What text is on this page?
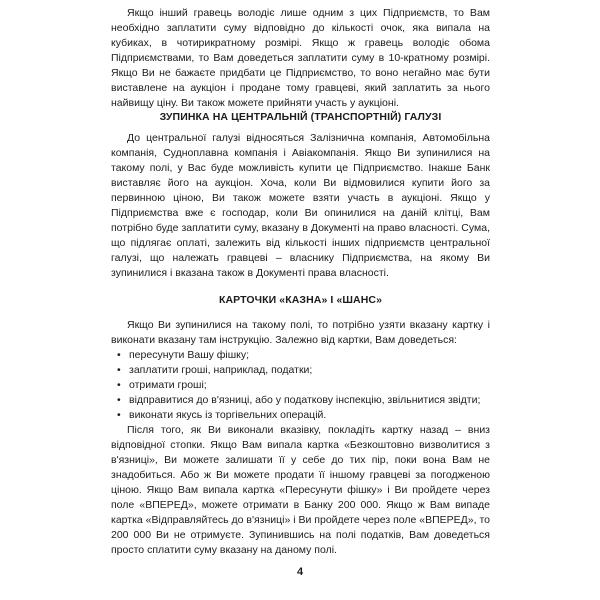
Якщо інший гравець володіє лише одним з цих Підприємств, то Вам необхідно заплатити суму відповідно до кількості очок, яка випала на кубиках, в чотирикратному розмірі. Якщо ж гравець володіє обома Підприємствами, то Вам доведеться заплатити суму в 10-кратному розмірі. Якщо Ви не бажаєте придбати це Підприємство, то воно негайно має бути виставлене на аукціон і продане тому гравцеві, який заплатить за нього найвищу ціну. Ви також можете прийняти участь у аукціоні.

ЗУПИНКА НА ЦЕНТРАЛЬНІЙ (ТРАНСПОРТНІЙ) ГАЛУЗІ

До центральної галузі відносяться Залізнична компанія, Автомобільна компанія, Судноплавна компанія і Авіакомпанія. Якщо Ви зупинилися на такому полі, у Вас буде можливість купити це Підприємство. Інакше Банк виставляє його на аукціон. Хоча, коли Ви відмовилися купити його за первинною ціною, Ви також можете взяти участь в аукціоні. Якщо у Підприємства вже є господар, коли Ви опинилися на даній клітці, Вам потрібно буде заплатити суму, вказану в Документі на право власності. Сума, що підлягає оплаті, залежить від кількості інших підприємств центральної галузі, що належать гравцеві – власнику Підприємства, на якому Ви зупинилися і вказана також в Документі права власності.

КАРТОЧКИ «КАЗНА» І «ШАНС»

Якщо Ви зупинилися на такому полі, то потрібно узяти вказану картку і виконати вказану там інструкцію. Залежно від картки, Вам доведеться:

• пересунути Вашу фішку;
• заплатити гроші, наприклад, податки;
• отримати гроші;
• відправитися до в'язниці, або у податкову інспекцію, звільнитися звідти;
• виконати якусь із торгівельних операцій.

Після того, як Ви виконали вказівку, покладіть картку назад – вниз відповідної стопки. Якщо Вам випала картка «Безкоштовно визволитися з в'язниці», Ви можете залишати її у себе до тих пір, поки вона Вам не знадобиться. Або ж Ви можете продати її іншому гравцеві за погодженою ціною. Якщо Вам випала картка «Пересунути фішку» і Ви пройдете через поле «ВПЕРЕД», можете отримати в Банку 200 000. Якщо ж Вам випаде картка «Відправляйтесь до в'язниці» і Ви пройдете через поле «ВПЕРЕД», то 200 000 Ви не отримуєте. Зупинившись на полі податків, Вам доведеться просто сплатити суму вказану на даному полі.

4
